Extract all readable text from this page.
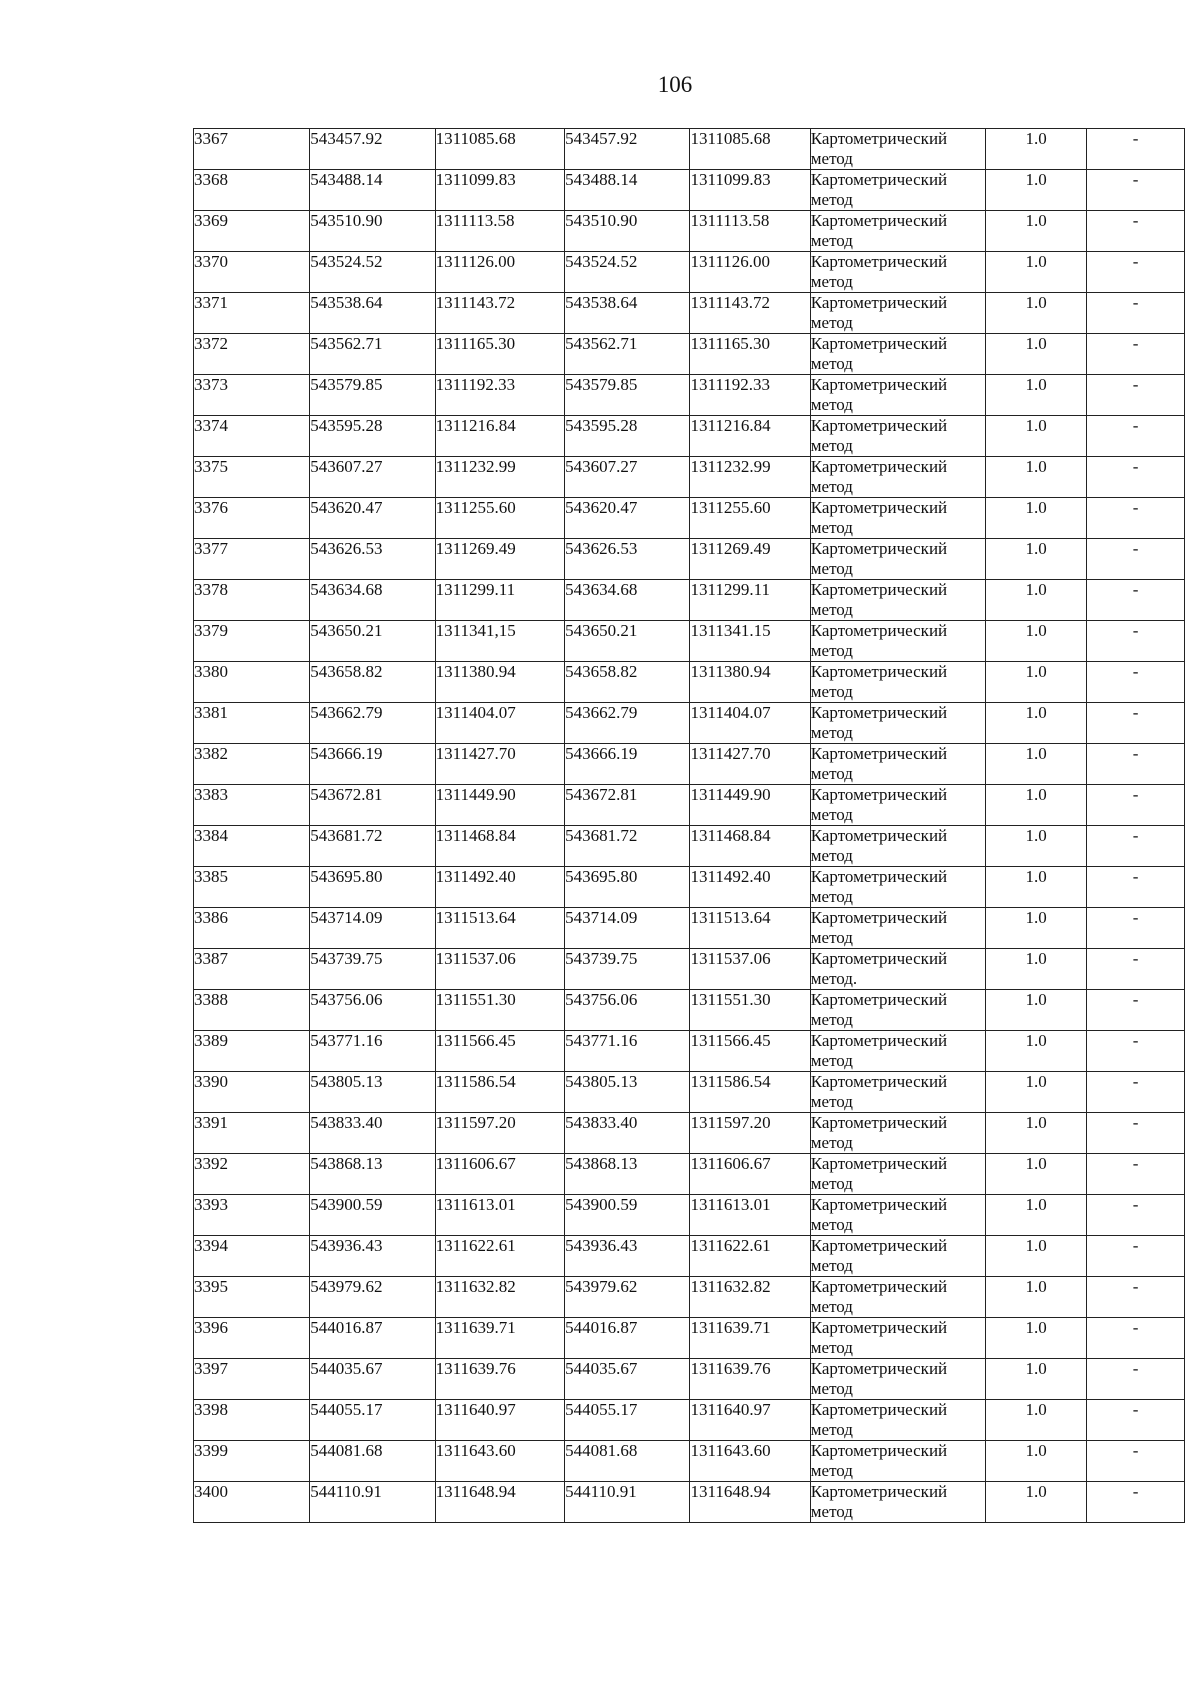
106
3367	543457.92	1311085.68	543457.92	1311085.68	Картометрический метод	1.0	-
3368	543488.14	1311099.83	543488.14	1311099.83	Картометрический метод	1.0	-
3369	543510.90	1311113.58	543510.90	1311113.58	Картометрический метод	1.0	-
3370	543524.52	1311126.00	543524.52	1311126.00	Картометрический метод	1.0	-
3371	543538.64	1311143.72	543538.64	1311143.72	Картометрический метод	1.0	-
3372	543562.71	1311165.30	543562.71	1311165.30	Картометрический метод	1.0	-
3373	543579.85	1311192.33	543579.85	1311192.33	Картометрический метод	1.0	-
3374	543595.28	1311216.84	543595.28	1311216.84	Картометрический метод	1.0	-
3375	543607.27	1311232.99	543607.27	1311232.99	Картометрический метод	1.0	-
3376	543620.47	1311255.60	543620.47	1311255.60	Картометрический метод	1.0	-
3377	543626.53	1311269.49	543626.53	1311269.49	Картометрический метод	1.0	-
3378	543634.68	1311299.11	543634.68	1311299.11	Картометрический метод	1.0	-
3379	543650.21	1311341,15	543650.21	1311341.15	Картометрический метод	1.0	-
3380	543658.82	1311380.94	543658.82	1311380.94	Картометрический метод	1.0	-
3381	543662.79	1311404.07	543662.79	1311404.07	Картометрический метод	1.0	-
3382	543666.19	1311427.70	543666.19	1311427.70	Картометрический метод	1.0	-
3383	543672.81	1311449.90	543672.81	1311449.90	Картометрический метод	1.0	-
3384	543681.72	1311468.84	543681.72	1311468.84	Картометрический метод	1.0	-
3385	543695.80	1311492.40	543695.80	1311492.40	Картометрический метод	1.0	-
3386	543714.09	1311513.64	543714.09	1311513.64	Картометрический метод	1.0	-
3387	543739.75	1311537.06	543739.75	1311537.06	Картометрический метод.	1.0	-
3388	543756.06	1311551.30	543756.06	1311551.30	Картометрический метод	1.0	-
3389	543771.16	1311566.45	543771.16	1311566.45	Картометрический метод	1.0	-
3390	543805.13	1311586.54	543805.13	1311586.54	Картометрический метод	1.0	-
3391	543833.40	1311597.20	543833.40	1311597.20	Картометрический метод	1.0	-
3392	543868.13	1311606.67	543868.13	1311606.67	Картометрический метод	1.0	-
3393	543900.59	1311613.01	543900.59	1311613.01	Картометрический метод	1.0	-
3394	543936.43	1311622.61	543936.43	1311622.61	Картометрический метод	1.0	-
3395	543979.62	1311632.82	543979.62	1311632.82	Картометрический метод	1.0	-
3396	544016.87	1311639.71	544016.87	1311639.71	Картометрический метод	1.0	-
3397	544035.67	1311639.76	544035.67	1311639.76	Картометрический метод	1.0	-
3398	544055.17	1311640.97	544055.17	1311640.97	Картометрический метод	1.0	-
3399	544081.68	1311643.60	544081.68	1311643.60	Картометрический метод	1.0	-
3400	544110.91	1311648.94	544110.91	1311648.94	Картометрический метод	1.0	-
